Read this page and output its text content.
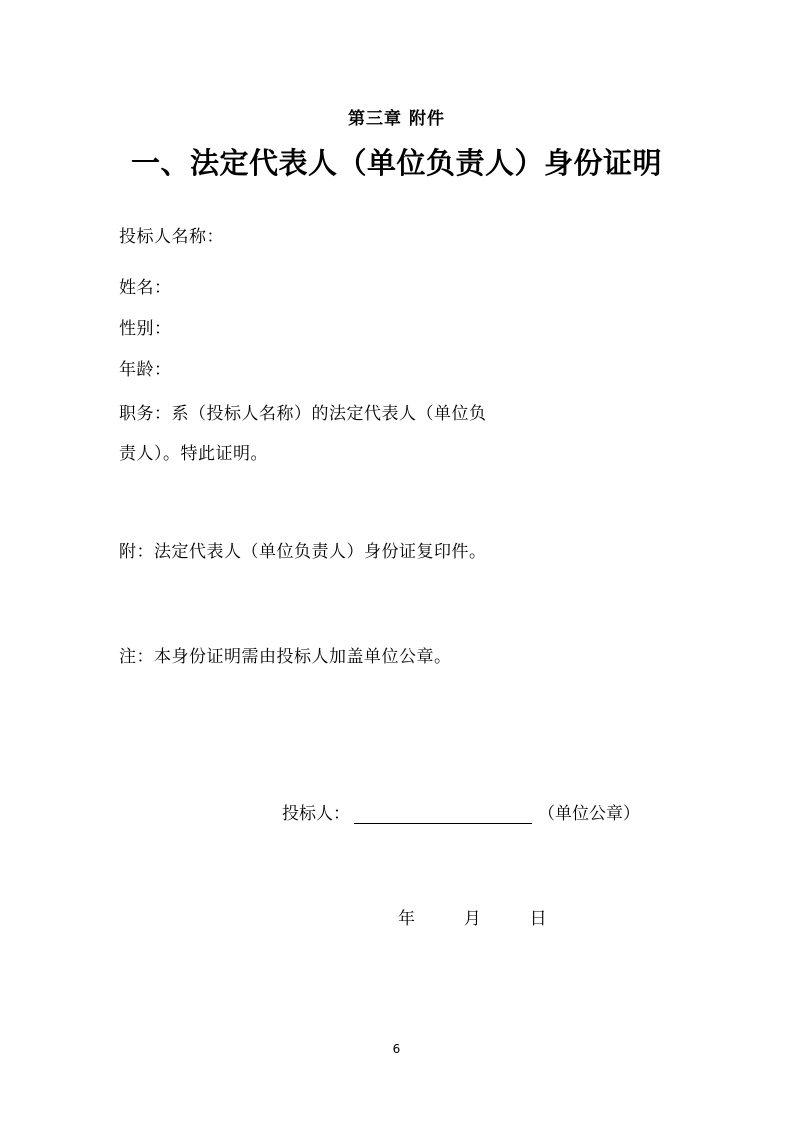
第三章 附件
一、法定代表人（单位负责人）身份证明
投标人名称：
姓名：
性别：
年龄：
职务：系（投标人名称）的法定代表人（单位负
责人）。特此证明。
附：法定代表人（单位负责人）身份证复印件。
注：本身份证明需由投标人加盖单位公章。
投标人：	（单位公章）
年	月	日
6
